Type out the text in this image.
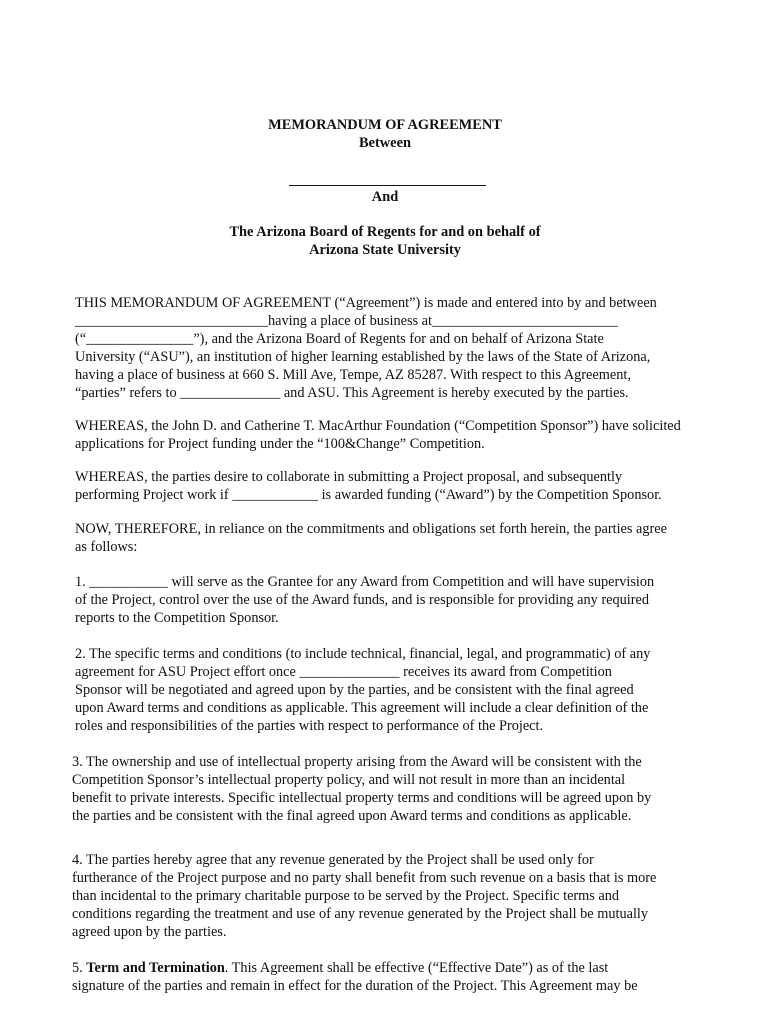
MEMORANDUM OF AGREEMENT

Between

And

The Arizona Board of Regents for and on behalf of

Arizona State University

THIS MEMORANDUM OF AGREEMENT (“Agreement”) is made and entered into by and between
___________________________having a place of business at__________________________
(“_______________”), and the Arizona Board of Regents for and on behalf of Arizona State
University (“ASU”), an institution of higher learning established by the laws of the State of Arizona,
having a place of business at 660 S. Mill Ave, Tempe, AZ 85287. With respect to this Agreement,
“parties” refers to ______________ and ASU. This Agreement is hereby executed by the parties.
WHEREAS, the John D. and Catherine T. MacArthur Foundation (“Competition Sponsor”) have solicited
applications for Project funding under the “100&Change” Competition.
WHEREAS, the parties desire to collaborate in submitting a Project proposal, and subsequently
performing Project work if ____________ is awarded funding (“Award”) by the Competition Sponsor.
NOW, THEREFORE, in reliance on the commitments and obligations set forth herein, the parties agree
as follows:
1. ___________ will serve as the Grantee for any Award from Competition and will have supervision
of the Project, control over the use of the Award funds, and is responsible for providing any required
reports to the Competition Sponsor.
2. The specific terms and conditions (to include technical, financial, legal, and programmatic) of any
agreement for ASU Project effort once ______________ receives its award from Competition
Sponsor will be negotiated and agreed upon by the parties, and be consistent with the final agreed
upon Award terms and conditions as applicable. This agreement will include a clear definition of the
roles and responsibilities of the parties with respect to performance of the Project.
3. The ownership and use of intellectual property arising from the Award will be consistent with the
Competition Sponsor’s intellectual property policy, and will not result in more than an incidental
benefit to private interests. Specific intellectual property terms and conditions will be agreed upon by
the parties and be consistent with the final agreed upon Award terms and conditions as applicable.
4. The parties hereby agree that any revenue generated by the Project shall be used only for
furtherance of the Project purpose and no party shall benefit from such revenue on a basis that is more
than incidental to the primary charitable purpose to be served by the Project. Specific terms and
conditions regarding the treatment and use of any revenue generated by the Project shall be mutually
agreed upon by the parties.
5. Term and Termination. This Agreement shall be effective (“Effective Date”) as of the last
signature of the parties and remain in effect for the duration of the Project. This Agreement may be
